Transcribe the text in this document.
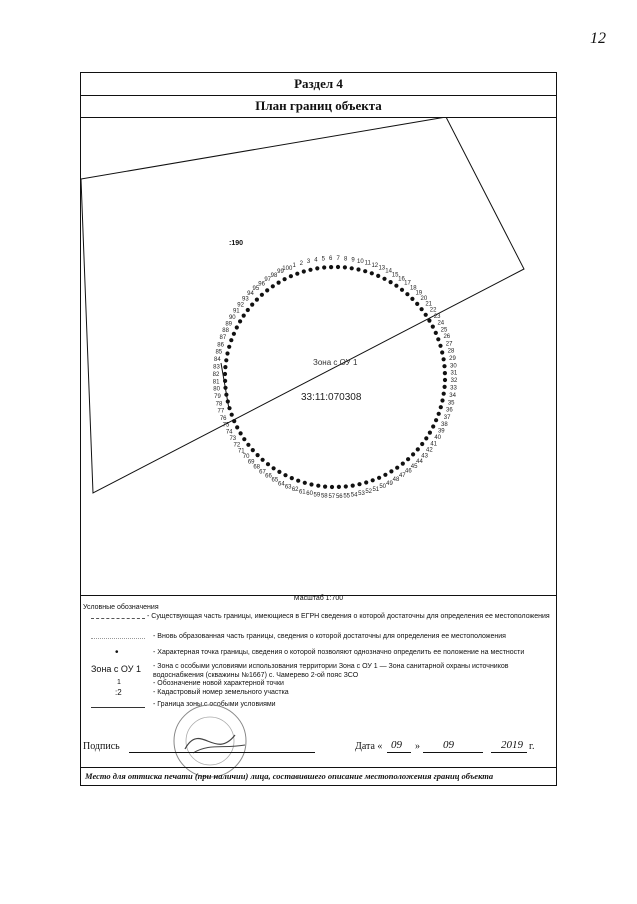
12
Раздел 4
План границ объекта
1 2 3 4 5 6 7 8 9 10 11 12 13
14
15
16
17
18
19
20
21
22
23
24
25
26
27
28
29
30
31
32
33
34
35
36
37
38
39
40
41
42
43
44
45
46
47
48
49
50
51
52
53
54
55
56
57
58
59
60
61
62
63
64
65
66
67
68
69
70
71
72
73
74
75
76
77
78
79
80
81
82
83
84
85
86
87
88
89
90
91
92
93
94
95
96
97
98
99
100
:190
Зона с ОУ 1
33:11:070308
Масштаб 1:700
Условные обозначения
- Существующая часть границы, имеющиеся в ЕГРН сведения о которой достаточны для определения ее местоположения
- Вновь образованная часть границы, сведения о которой достаточны для определения ее местоположения
•	- Характерная точка границы, сведения о которой позволяют однозначно определить ее положение на местности
Зона с ОУ 1 - Зона с особыми условиями использования территории Зона с ОУ 1 — Зона санитарной охраны источников водоснабжения (скважины №1667) с. Чамерево 2-ой пояс ЗСО
1	- Обозначение новой характерной точки
:2	- Кадастровый номер земельного участка
- Граница зоны с особыми условиями
Подпись	Дата « 09 » 09	2019 г.
Место для оттиска печати (при наличии) лица, составившего описание местоположения границ объекта
